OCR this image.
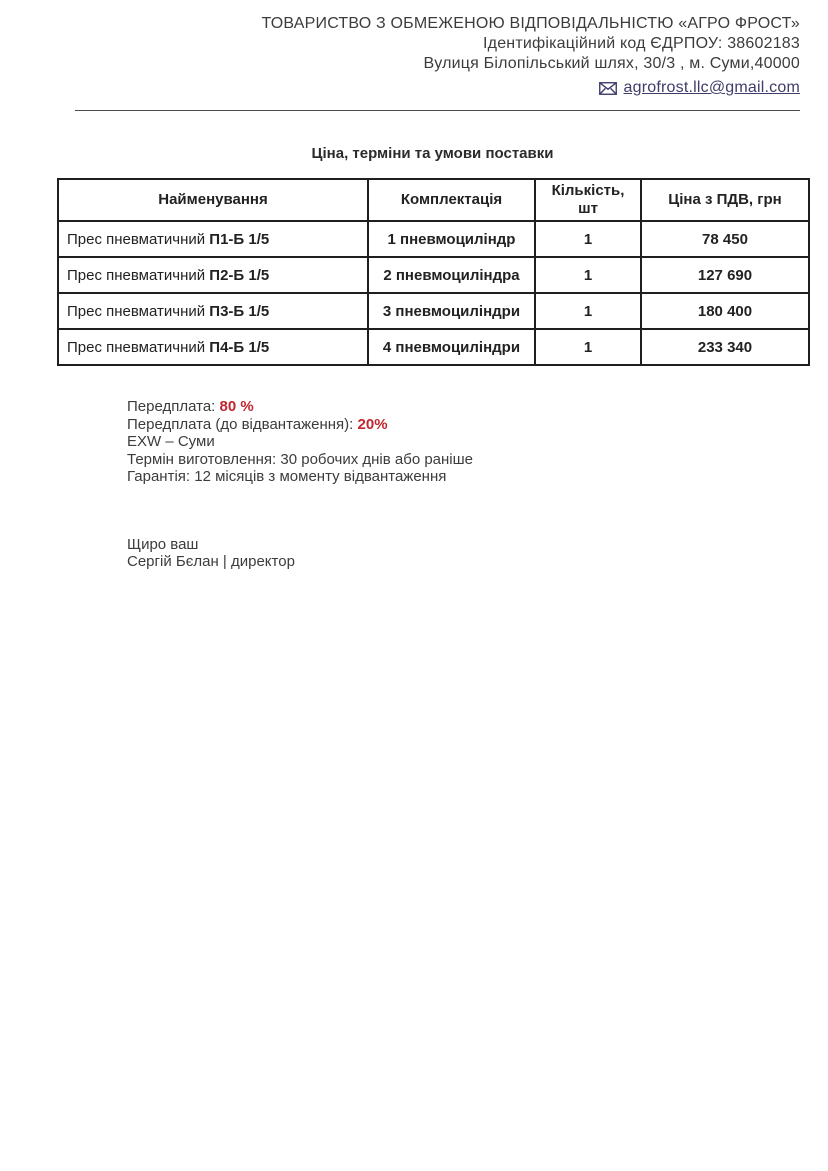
ТОВАРИСТВО З ОБМЕЖЕНОЮ ВІДПОВІДАЛЬНІСТЮ «АГРО ФРОСТ»
Ідентифікаційний код ЄДРПОУ: 38602183
Вулиця Білопільський шлях, 30/3 , м. Суми,40000
agrofrost.llc@gmail.com
Ціна, терміни та умови поставки
Найменування	Комплектація	Кількість, шт	Ціна з ПДВ, грн
Прес пневматичний П1-Б 1/5	1 пневмоциліндр	1	78 450
Прес пневматичний П2-Б 1/5	2 пневмоциліндра	1	127 690
Прес пневматичний П3-Б 1/5	3 пневмоциліндри	1	180 400
Прес пневматичний П4-Б 1/5	4 пневмоциліндри	1	233 340
Передплата: 80 %
Передплата (до відвантаження): 20%
EXW – Суми
Термін виготовлення: 30 робочих днів або раніше
Гарантія: 12 місяців з моменту відвантаження
Щиро ваш
Сергій Бєлан | директор
